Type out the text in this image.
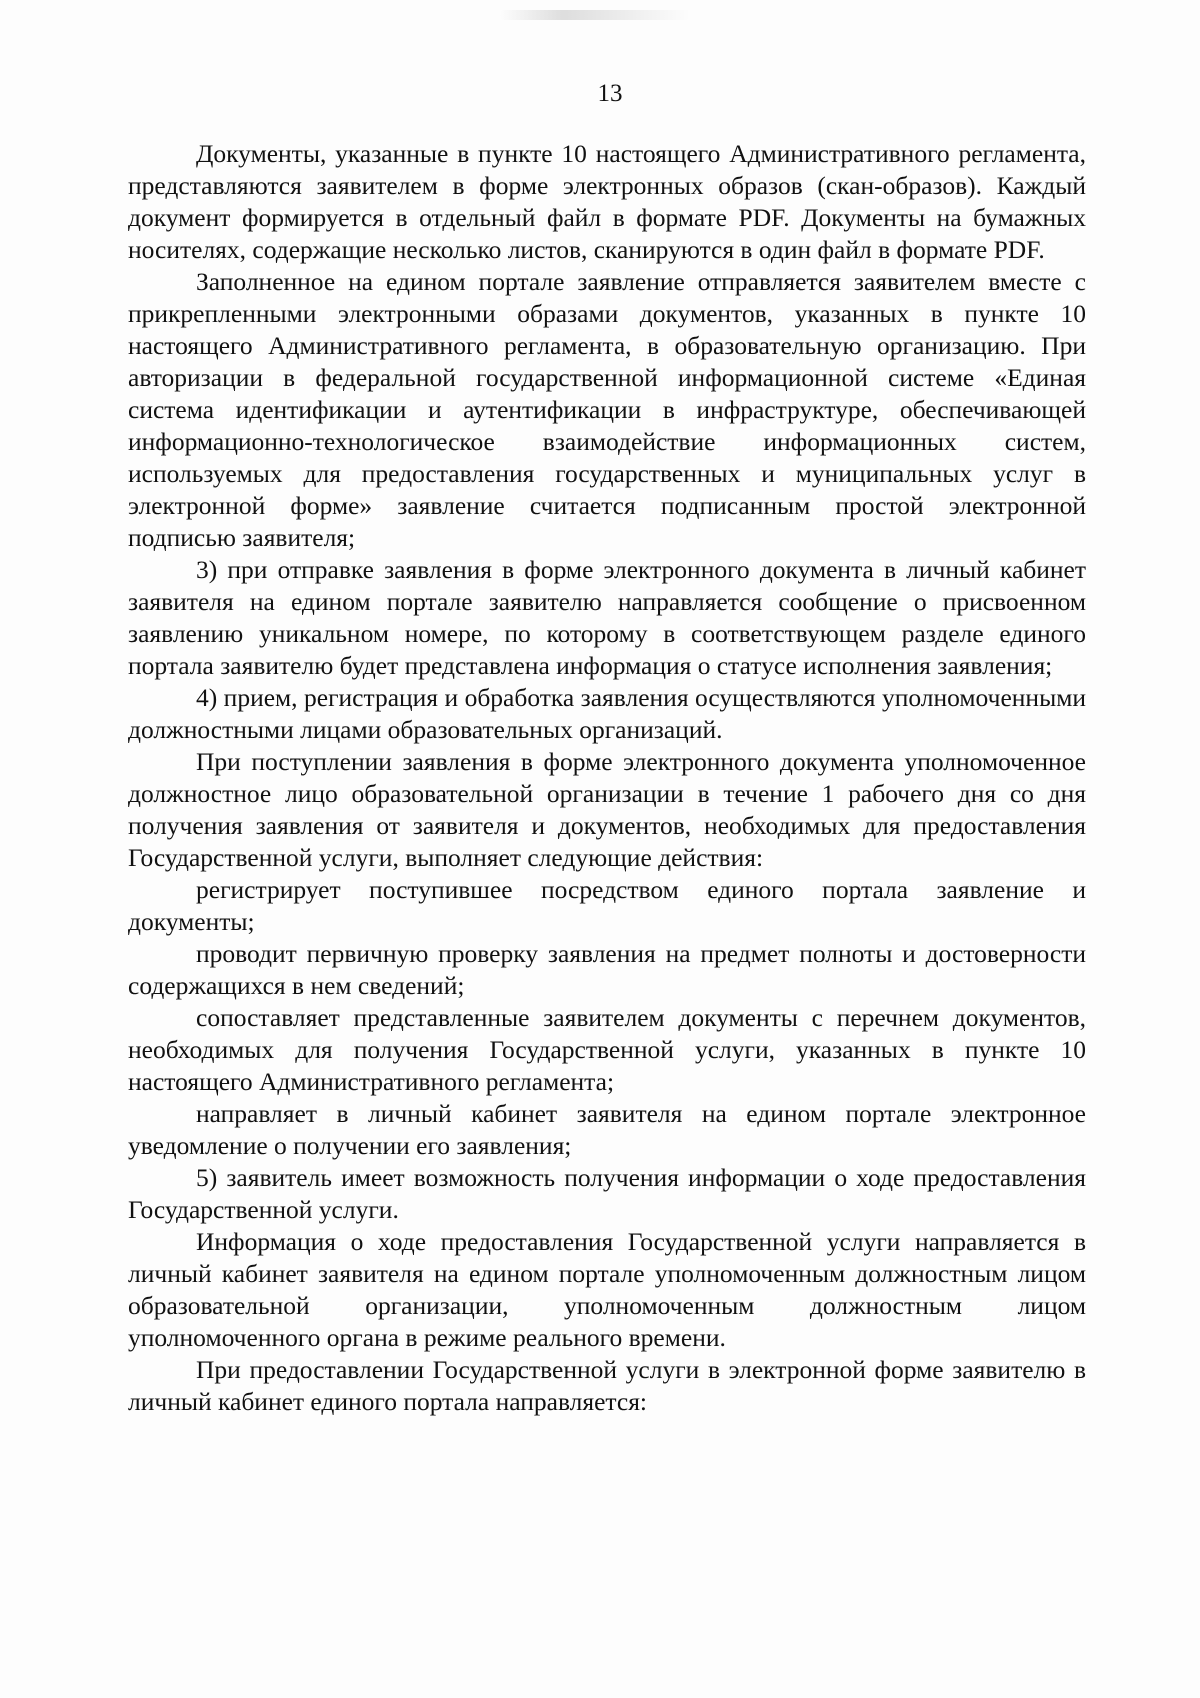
13

Документы, указанные в пункте 10 настоящего Административного регламента, представляются заявителем в форме электронных образов (скан-образов). Каждый документ формируется в отдельный файл в формате PDF. Документы на бумажных носителях, содержащие несколько листов, сканируются в один файл в формате PDF.

Заполненное на едином портале заявление отправляется заявителем вместе с прикрепленными электронными образами документов, указанных в пункте 10 настоящего Административного регламента, в образовательную организацию. При авторизации в федеральной государственной информационной системе «Единая система идентификации и аутентификации в инфраструктуре, обеспечивающей информационно-технологическое взаимодействие информационных систем, используемых для предоставления государственных и муниципальных услуг в электронной форме» заявление считается подписанным простой электронной подписью заявителя;

3) при отправке заявления в форме электронного документа в личный кабинет заявителя на едином портале заявителю направляется сообщение о присвоенном заявлению уникальном номере, по которому в соответствующем разделе единого портала заявителю будет представлена информация о статусе исполнения заявления;

4) прием, регистрация и обработка заявления осуществляются уполномоченными должностными лицами образовательных организаций.

При поступлении заявления в форме электронного документа уполномоченное должностное лицо образовательной организации в течение 1 рабочего дня со дня получения заявления от заявителя и документов, необходимых для предоставления Государственной услуги, выполняет следующие действия:

регистрирует поступившее посредством единого портала заявление и документы;

проводит первичную проверку заявления на предмет полноты и достоверности содержащихся в нем сведений;

сопоставляет представленные заявителем документы с перечнем документов, необходимых для получения Государственной услуги, указанных в пункте 10 настоящего Административного регламента;

направляет в личный кабинет заявителя на едином портале электронное уведомление о получении его заявления;

5) заявитель имеет возможность получения информации о ходе предоставления Государственной услуги.

Информация о ходе предоставления Государственной услуги направляется в личный кабинет заявителя на едином портале уполномоченным должностным лицом образовательной организации, уполномоченным должностным лицом уполномоченного органа в режиме реального времени.

При предоставлении Государственной услуги в электронной форме заявителю в личный кабинет единого портала направляется:
